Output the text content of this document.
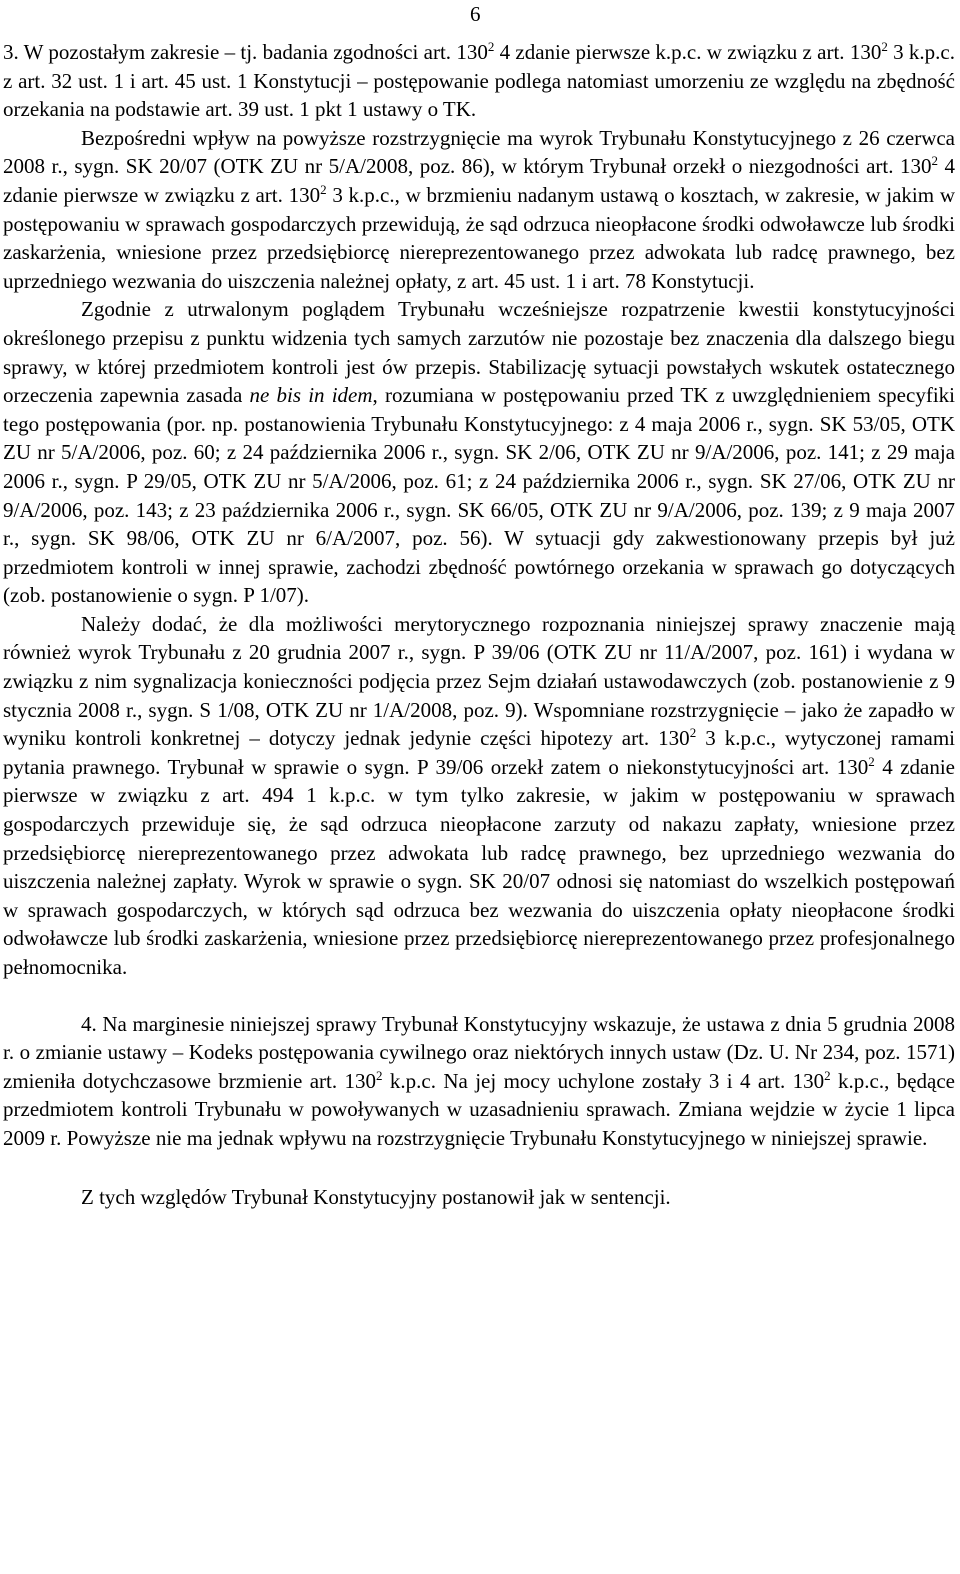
6

3. W pozostałym zakresie – tj. badania zgodności art. $130^2$ 4 zdanie pierwsze k.p.c. w związku z art. $130^2$ 3 k.p.c. z art. 32 ust. 1 i art. 45 ust. 1 Konstytucji – postępowanie podlega natomiast umorzeniu ze względu na zbędność orzekania na podstawie art. 39 ust. 1 pkt 1 ustawy o TK.

Bezpośredni wpływ na powyższe rozstrzygnięcie ma wyrok Trybunału Konstytucyjnego z 26 czerwca 2008 r., sygn. SK 20/07 (OTK ZU nr 5/A/2008, poz. 86), w którym Trybunał orzekł o niezgodności art. $130^2$ 4 zdanie pierwsze w związku z art. $130^2$ 3 k.p.c., w brzmieniu nadanym ustawą o kosztach, w zakresie, w jakim w postępowaniu w sprawach gospodarczych przewidują, że sąd odrzuca nieopłacone środki odwoławcze lub środki zaskarżenia, wniesione przez przedsiębiorcę niereprezentowanego przez adwokata lub radcę prawnego, bez uprzedniego wezwania do uiszczenia należnej opłaty, z art. 45 ust. 1 i art. 78 Konstytucji.

Zgodnie z utrwalonym poglądem Trybunału wcześniejsze rozpatrzenie kwestii konstytucyjności określonego przepisu z punktu widzenia tych samych zarzutów nie pozostaje bez znaczenia dla dalszego biegu sprawy, w której przedmiotem kontroli jest ów przepis. Stabilizację sytuacji powstałych wskutek ostatecznego orzeczenia zapewnia zasada ne bis in idem, rozumiana w postępowaniu przed TK z uwzględnieniem specyfiki tego postępowania (por. np. postanowienia Trybunału Konstytucyjnego: z 4 maja 2006 r., sygn. SK 53/05, OTK ZU nr 5/A/2006, poz. 60; z 24 października 2006 r., sygn. SK 2/06, OTK ZU nr 9/A/2006, poz. 141; z 29 maja 2006 r., sygn. P 29/05, OTK ZU nr 5/A/2006, poz. 61; z 24 października 2006 r., sygn. SK 27/06, OTK ZU nr 9/A/2006, poz. 143; z 23 października 2006 r., sygn. SK 66/05, OTK ZU nr 9/A/2006, poz. 139; z 9 maja 2007 r., sygn. SK 98/06, OTK ZU nr 6/A/2007, poz. 56). W sytuacji gdy zakwestionowany przepis był już przedmiotem kontroli w innej sprawie, zachodzi zbędność powtórnego orzekania w sprawach go dotyczących (zob. postanowienie o sygn. P 1/07).

Należy dodać, że dla możliwości merytorycznego rozpoznania niniejszej sprawy znaczenie mają również wyrok Trybunału z 20 grudnia 2007 r., sygn. P 39/06 (OTK ZU nr 11/A/2007, poz. 161) i wydana w związku z nim sygnalizacja konieczności podjęcia przez Sejm działań ustawodawczych (zob. postanowienie z 9 stycznia 2008 r., sygn. S 1/08, OTK ZU nr 1/A/2008, poz. 9). Wspomniane rozstrzygnięcie – jako że zapadło w wyniku kontroli konkretnej – dotyczy jednak jedynie części hipotezy art. $130^2$ 3 k.p.c., wytyczonej ramami pytania prawnego. Trybunał w sprawie o sygn. P 39/06 orzekł zatem o niekonstytucyjności art. $130^2$ 4 zdanie pierwsze w związku z art. 494 1 k.p.c. w tym tylko zakresie, w jakim w postępowaniu w sprawach gospodarczych przewiduje się, że sąd odrzuca nieopłacone zarzuty od nakazu zapłaty, wniesione przez przedsiębiorcę niereprezentowanego przez adwokata lub radcę prawnego, bez uprzedniego wezwania do uiszczenia należnej zapłaty. Wyrok w sprawie o sygn. SK 20/07 odnosi się natomiast do wszelkich postępowań w sprawach gospodarczych, w których sąd odrzuca bez wezwania do uiszczenia opłaty nieopłacone środki odwoławcze lub środki zaskarżenia, wniesione przez przedsiębiorcę niereprezentowanego przez profesjonalnego pełnomocnika.

4. Na marginesie niniejszej sprawy Trybunał Konstytucyjny wskazuje, że ustawa z dnia 5 grudnia 2008 r. o zmianie ustawy – Kodeks postępowania cywilnego oraz niektórych innych ustaw (Dz. U. Nr 234, poz. 1571) zmieniła dotychczasowe brzmienie art. $130^2$ k.p.c. Na jej mocy uchylone zostały 3 i 4 art. $130^2$ k.p.c., będące przedmiotem kontroli Trybunału w powoływanych w uzasadnieniu sprawach. Zmiana wejdzie w życie 1 lipca 2009 r. Powyższe nie ma jednak wpływu na rozstrzygnięcie Trybunału Konstytucyjnego w niniejszej sprawie.

Z tych względów Trybunał Konstytucyjny postanowił jak w sentencji.
